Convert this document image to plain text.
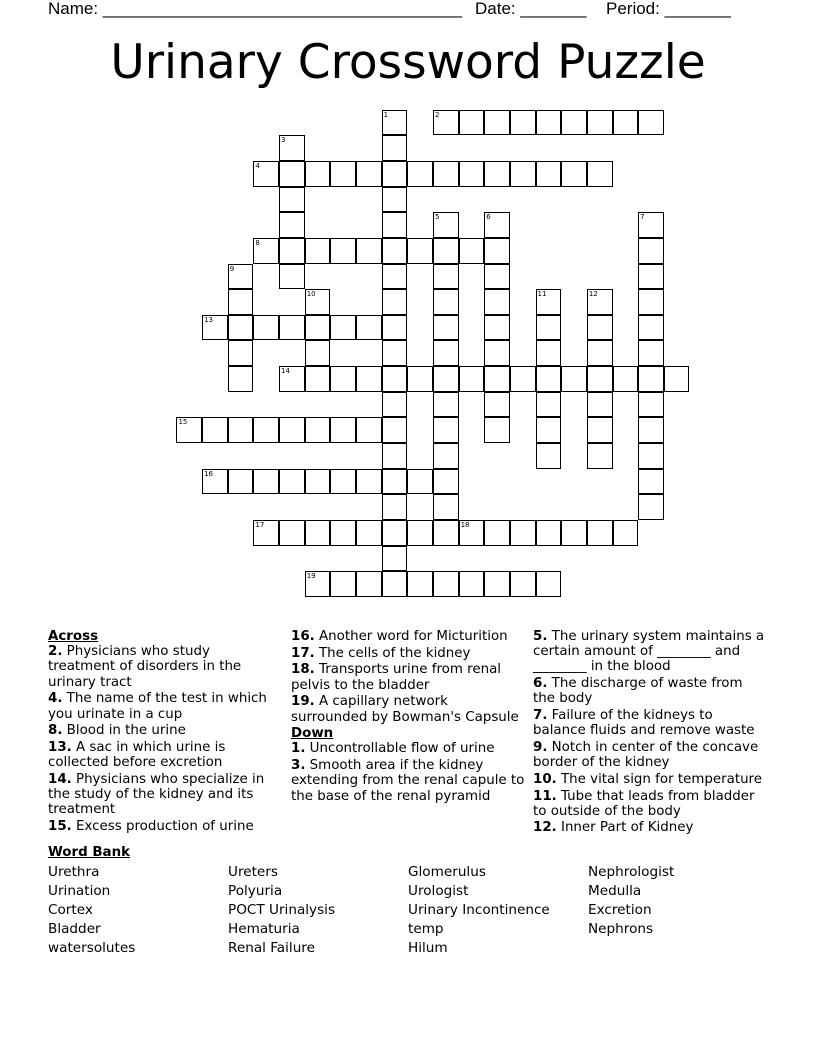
Name: ______________________________________ Date: _______ Period: _______
Urinary Crossword Puzzle
2
4
8
13
14
15
16
17	18
19
1
3
5	6	7
9
10	11	12
Across
2. Physicians who study treatment of disorders in the urinary tract
4. The name of the test in which you urinate in a cup
8. Blood in the urine
13. A sac in which urine is collected before excretion
14. Physicians who specialize in the study of the kidney and its treatment
15. Excess production of urine
16. Another word for Micturition
17. The cells of the kidney
18. Transports urine from renal pelvis to the bladder
19. A capillary network surrounded by Bowman's Capsule
Down
1. Uncontrollable flow of urine
3. Smooth area if the kidney extending from the renal capule to the base of the renal pyramid
5. The urinary system maintains a certain amount of ________ and ________ in the blood
6. The discharge of waste from the body
7. Failure of the kidneys to balance fluids and remove waste
9. Notch in center of the concave border of the kidney
10. The vital sign for temperature
11. Tube that leads from bladder to outside of the body
12. Inner Part of Kidney
Word Bank
Urethra
Urination
Cortex
Bladder
watersolutes
Ureters
Polyuria
POCT Urinalysis
Hematuria
Renal Failure
Glomerulus
Urologist
Urinary Incontinence
temp
Hilum
Nephrologist
Medulla
Excretion
Nephrons
